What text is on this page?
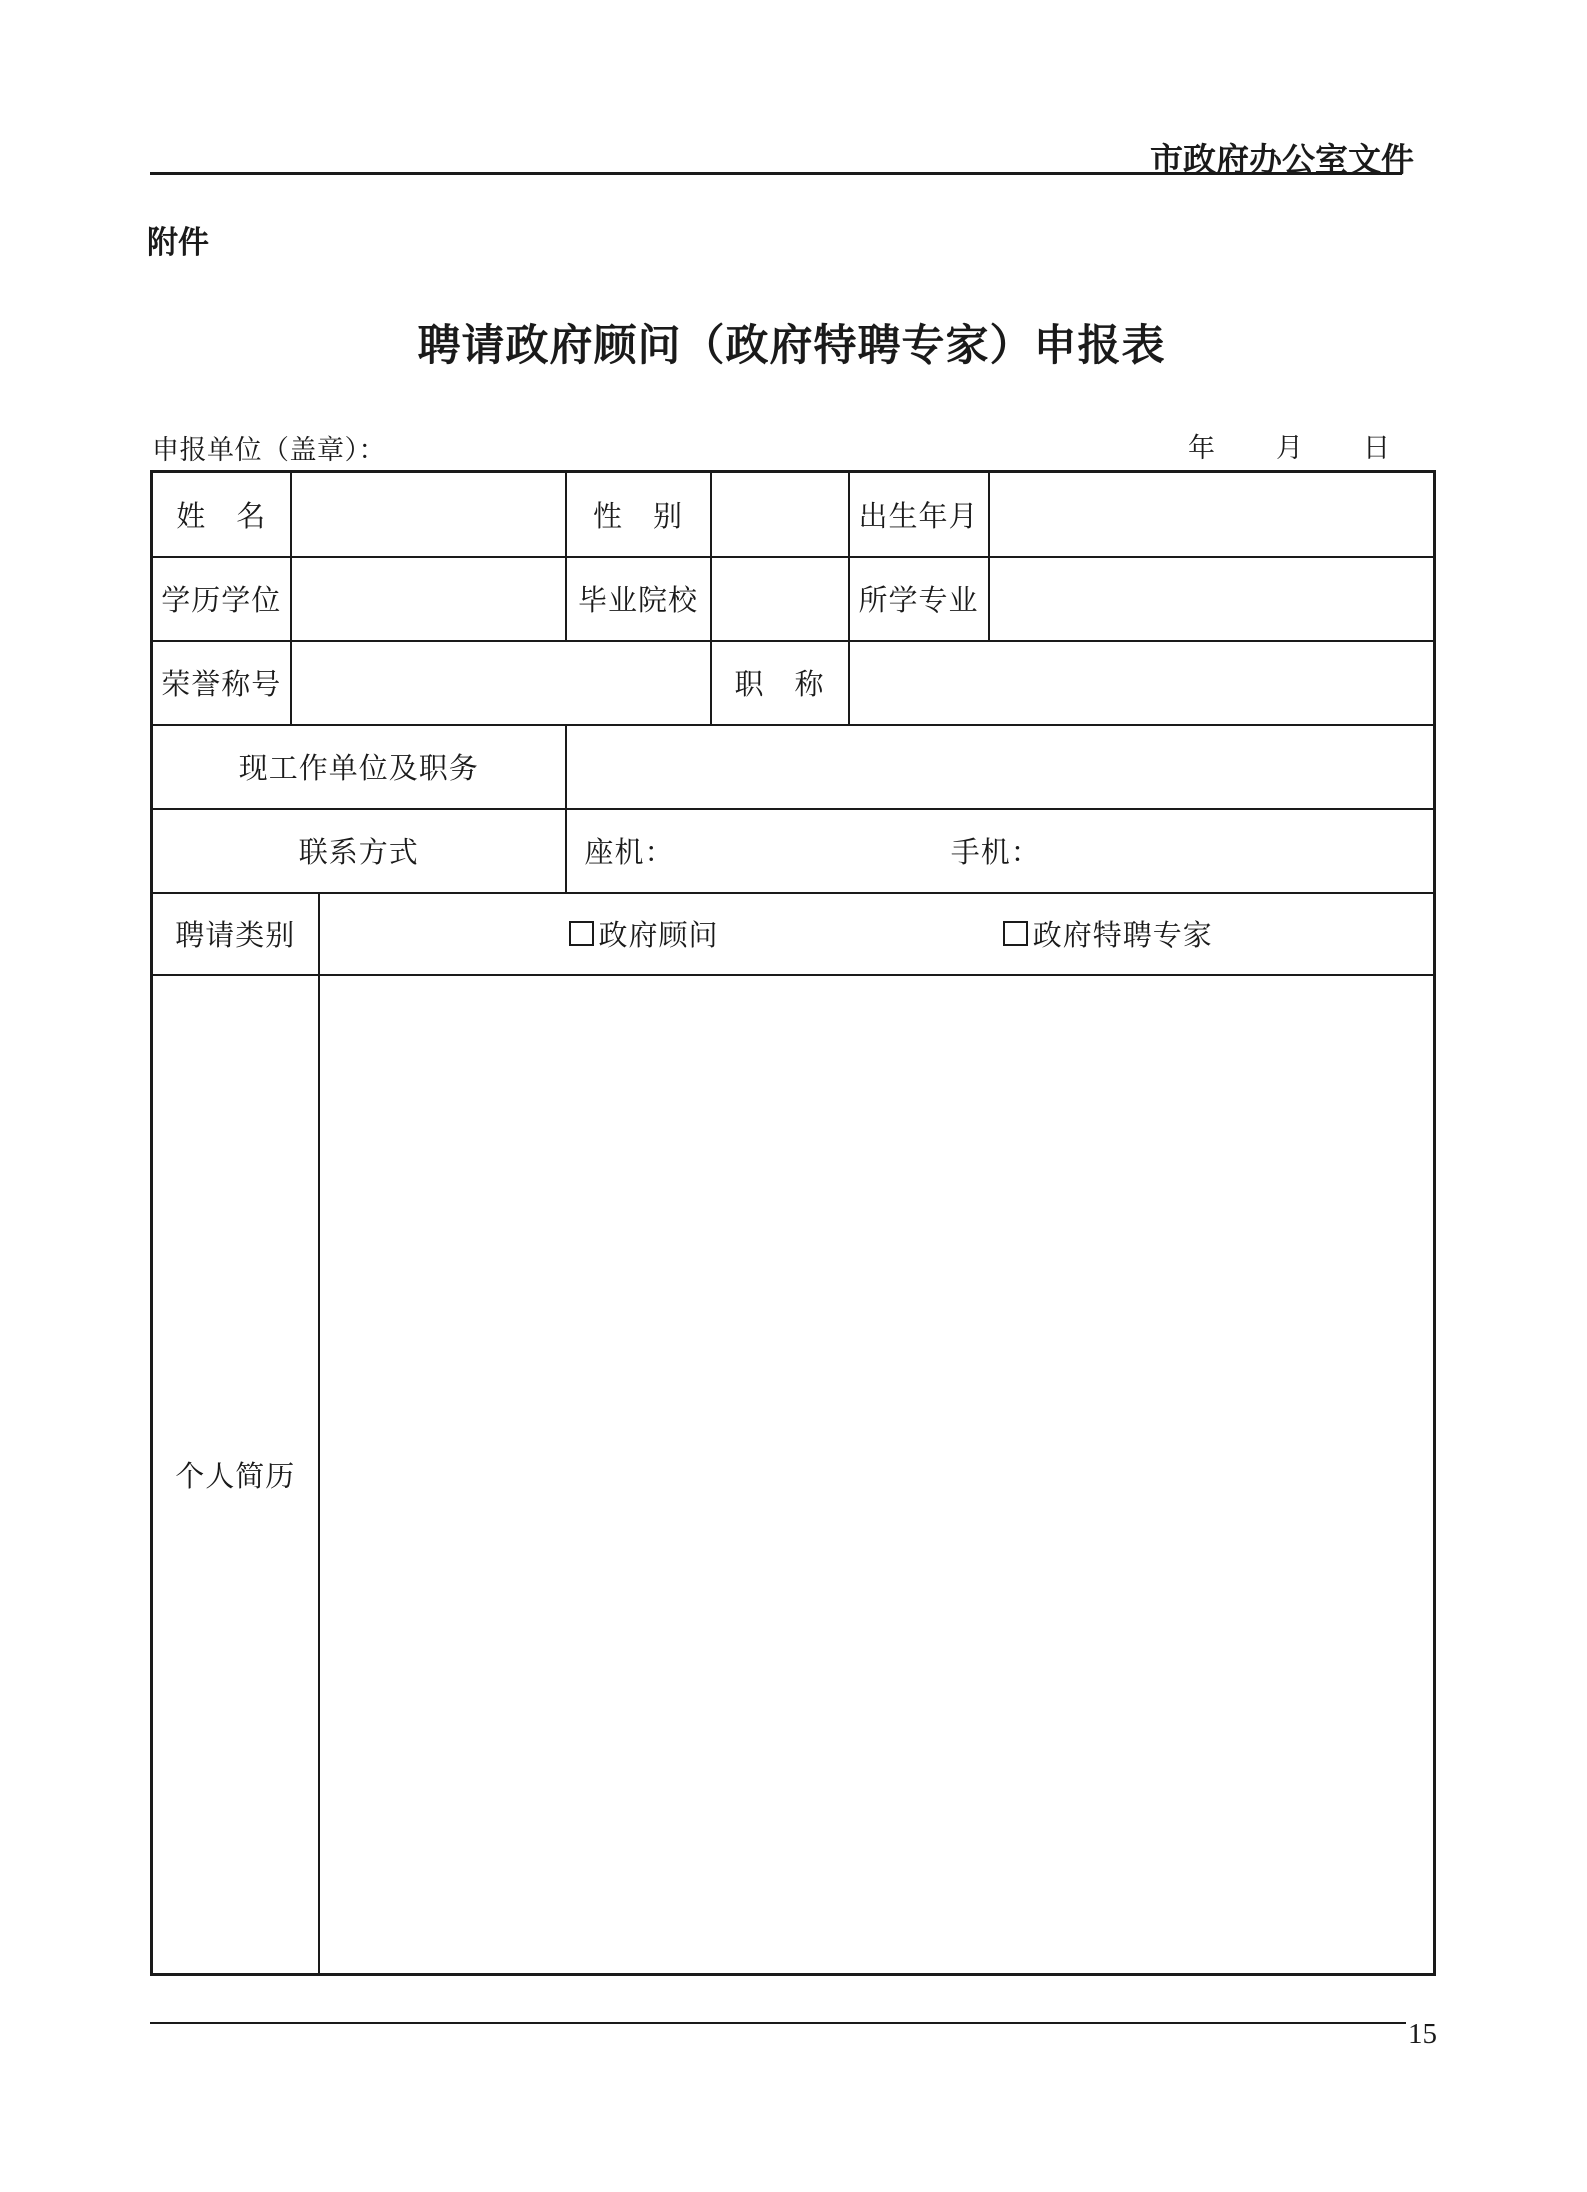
市政府办公室文件
附件
聘请政府顾问（政府特聘专家）申报表
申报单位（盖章）：	年 月 日
姓　名			性　别		出生年月	
学历学位			毕业院校		所学专业	
荣誉称号				职　称		
现工作单位及职务						
联系方式			座机： 手机：			
聘请类别		政府顾问 政府特聘专家				
个人简历						
15
